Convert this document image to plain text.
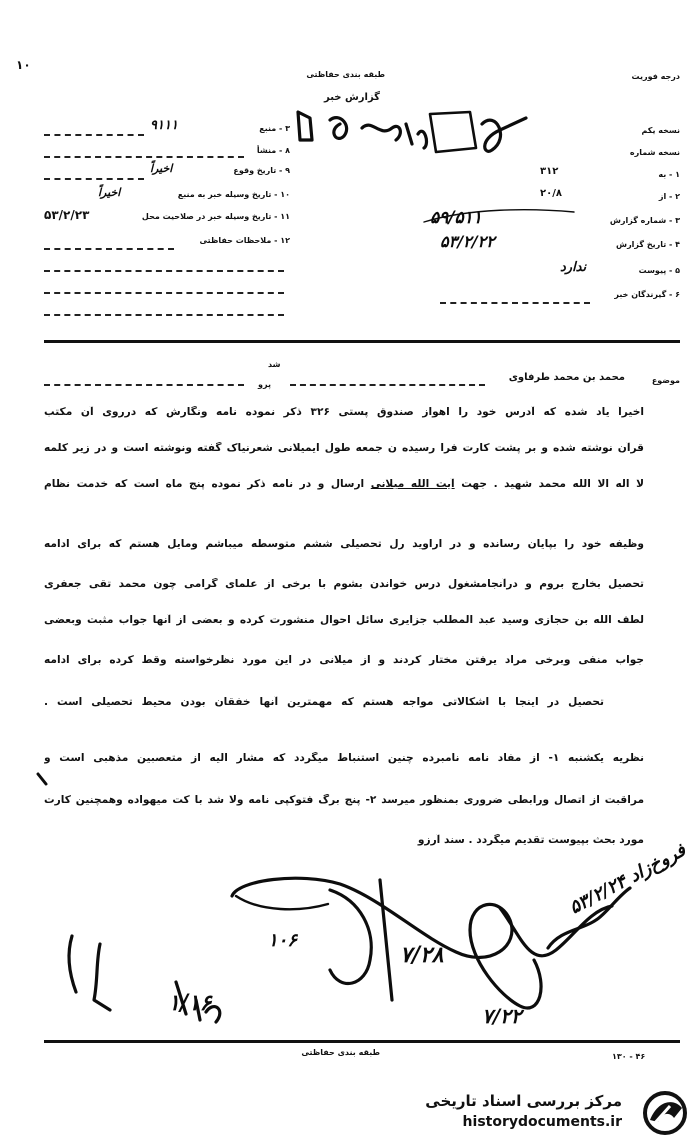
۱۰
طبقه بندی حفاظتی	درجه فوریت
گزارش خبر
۳ - منبع
۹۱۱۱
۸ - منشأ
۹ - تاریخ وقوع
اخیراً
۱۰ - تاریخ وسیله خبر به منبع
اخیراً
۱۱ - تاریخ وسیله خبر در صلاحیت محل
۵۳/۲/۲۳
۱۲ - ملاحظات حفاظتی
نسخه یکم
نسخه شماره
۱ - به
۳۱۲
۲ - از
۲۰/۸
۳ - شماره گزارش
۵۹/۵۱۱
۴ - تاریخ گزارش
۵۳/۲/۲۲
۵ - پیوست
ندارد
۶ - گیرندگان خبر
موضوع
محمد بن محمد طرفاوی
شد
پرو
اخیراً یاد شده که آدرس خود را اهواز صندوق پستی ۳۲۶ ذکر نموده نامه ونگارش که درروی آن مکتب
قرآن نوشته شده و بر پشت کارت فرا رسیده ن جمعه طول ایمیلانی شعرنیاک گفته ونوشته است و در زیر کلمه
لا اله الا الله محمد شهید . جهت آیت الله میلانی ارسال و در نامه ذکر نموده پنج ماه است که خدمت نظام
وظیفه خود را بپایان رسانده و در اراوید رل تحصیلی ششم متوسطه میباشم ومایل هستم که برای ادامه
تحصیل بخارج بروم و درآنجامشغول درس خواندن بشوم با برخی از علمای گرامی چون محمد تقی جعفری
لطف الله بن حجازی وسید عبد المطلب جزایری سائل احوال منشورت کرده و بعضی از آنها جواب مثبت وبعضی
جواب منفی وبرخی مراد یرفتن مختار کردند و از میلانی در این مورد نظرخواسته وقط کرده برای ادامه
تحصیل در اینجا با اشکالاتی مواجه هستم که مهمترین آنها خفقان بودن محیط تحصیلی است .
نظریه یکشنبه ۱- از مفاد نامه نامبرده چنین استنباط میگردد که مشار الیه از متعصبین مذهبی است و
مراقبت از اتصال ورابطی ضروری بمنظور میرسد ۲- پنج برگ فتوکپی نامه ولا شد با کت میهواده وهمچنین کارت
مورد بحث بپیوست تقدیم میگردد . سند آرزو
۱۰۶
۷/۲۸
فروخ‌زاد ۵۳/۲/۲۴
۷/۲۲
۱/۱۶
طبقه بندی حفاظتی	۱۳۰ - ۴۶
مرکز بررسی اسناد تاریخی
historydocuments.ir
